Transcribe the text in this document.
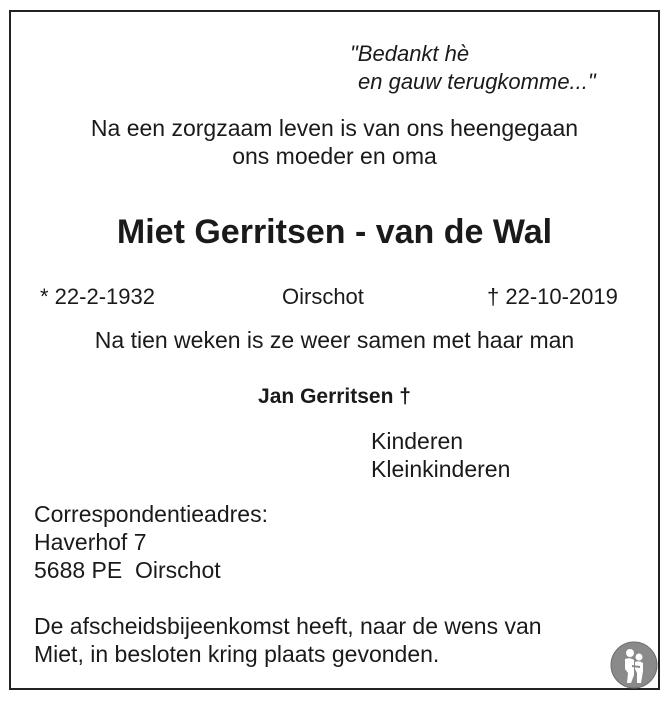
"Bedankt hè
en gauw terugkomme..."
Na een zorgzaam leven is van ons heengegaan
ons moeder en oma
Miet Gerritsen - van de Wal
* 22-2-1932	Oirschot	† 22-10-2019
Na tien weken is ze weer samen met haar man
Jan Gerritsen †
Kinderen
Kleinkinderen
Correspondentieadres:
Haverhof 7
5688 PE  Oirschot
De afscheidsbijeenkomst heeft, naar de wens van
Miet, in besloten kring plaats gevonden.
